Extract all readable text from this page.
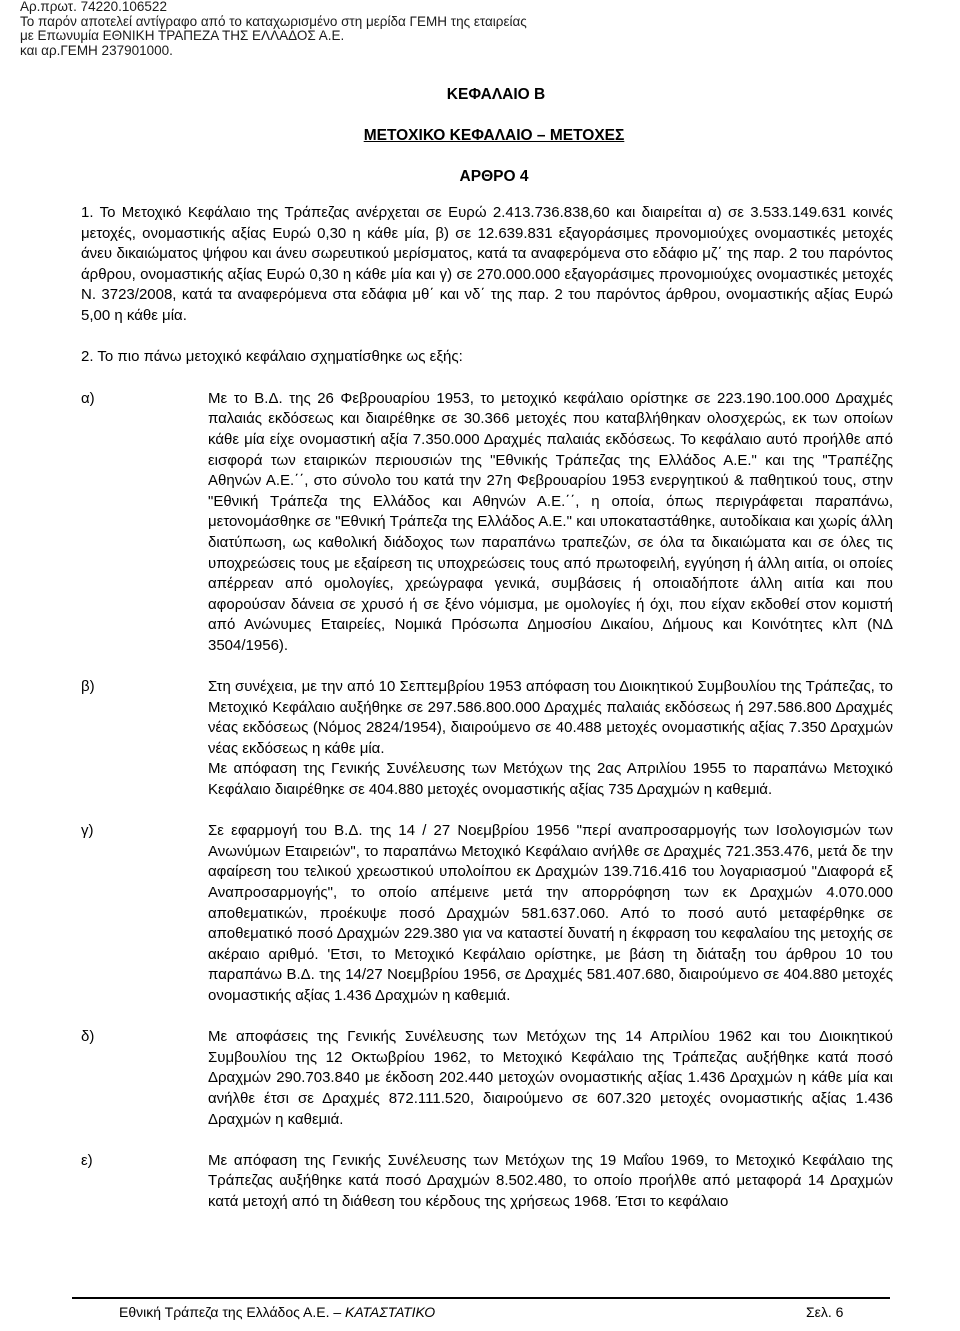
Αρ.πρωτ. 74220.106522
Το παρόν αποτελεί αντίγραφο από το καταχωρισμένο στη μερίδα ΓΕΜΗ της εταιρείας
με Επωνυμία ΕΘΝΙΚΗ ΤΡΑΠΕΖΑ ΤΗΣ ΕΛΛΑΔΟΣ Α.Ε.
και αρ.ΓΕΜΗ 237901000.
ΚΕΦΑΛΑΙΟ Β
ΜΕΤΟΧΙΚΟ ΚΕΦΑΛΑΙΟ – ΜΕΤΟΧΕΣ
ΑΡΘΡΟ 4

1. Το Μετοχικό Κεφάλαιο της Τράπεζας ανέρχεται σε Ευρώ 2.413.736.838,60 και διαιρείται α) σε 3.533.149.631 κοινές μετοχές, ονομαστικής αξίας Ευρώ 0,30 η κάθε μία, β) σε 12.639.831 εξαγοράσιμες προνομιούχες ονομαστικές μετοχές άνευ δικαιώματος ψήφου και άνευ σωρευτικού μερίσματος, κατά τα αναφερόμενα στο εδάφιο μζ΄ της παρ. 2 του παρόντος άρθρου, ονομαστικής αξίας Ευρώ 0,30 η κάθε μία και γ) σε 270.000.000 εξαγοράσιμες προνομιούχες ονομαστικές μετοχές Ν. 3723/2008, κατά τα αναφερόμενα στα εδάφια μθ΄ και νδ΄ της παρ. 2 του παρόντος άρθρου, ονομαστικής αξίας Ευρώ 5,00 η κάθε μία.

2. Το πιο πάνω μετοχικό κεφάλαιο σχηματίσθηκε ως εξής:

α)	Με το Β.Δ. της 26 Φεβρουαρίου 1953, το μετοχικό κεφάλαιο ορίστηκε σε 223.190.100.000 Δραχμές παλαιάς εκδόσεως και διαιρέθηκε σε 30.366 μετοχές που καταβλήθηκαν ολοσχερώς, εκ των οποίων κάθε μία είχε ονομαστική αξία 7.350.000 Δραχμές παλαιάς εκδόσεως. Το κεφάλαιο αυτό προήλθε από εισφορά των εταιρικών περιουσιών της "Εθνικής Τράπεζας της Ελλάδος Α.Ε." και της "Τραπέζης Αθηνών Α.Ε.΄΄, στο σύνολο του κατά την 27η Φεβρουαρίου 1953 ενεργητικού & παθητικού τους, στην "Εθνική Τράπεζα της Ελλάδος και Αθηνών Α.Ε.΄΄, η οποία, όπως περιγράφεται παραπάνω, μετονομάσθηκε σε "Εθνική Τράπεζα της Ελλάδος Α.Ε." και υποκαταστάθηκε, αυτοδίκαια και χωρίς άλλη διατύπωση, ως καθολική διάδοχος των παραπάνω τραπεζών, σε όλα τα δικαιώματα και σε όλες τις υποχρεώσεις τους με εξαίρεση τις υποχρεώσεις τους από πρωτοφειλή, εγγύηση ή άλλη αιτία, οι οποίες απέρρεαν από ομολογίες, χρεώγραφα γενικά, συμβάσεις ή οποιαδήποτε άλλη αιτία και που αφορούσαν δάνεια σε χρυσό ή σε ξένο νόμισμα, με ομολογίες ή όχι, που είχαν εκδοθεί στον κομιστή από Ανώνυμες Εταιρείες, Νομικά Πρόσωπα Δημοσίου Δικαίου, Δήμους και Κοινότητες κλπ (ΝΔ 3504/1956).

β)	Στη συνέχεια, με την από 10 Σεπτεμβρίου 1953 απόφαση του Διοικητικού Συμβουλίου της Τράπεζας, το Μετοχικό Κεφάλαιο αυξήθηκε σε 297.586.800.000 Δραχμές παλαιάς εκδόσεως ή 297.586.800 Δραχμές νέας εκδόσεως (Νόμος 2824/1954), διαιρούμενο σε 40.488 μετοχές ονομαστικής αξίας 7.350 Δραχμών νέας εκδόσεως η κάθε μία.

Με απόφαση της Γενικής Συνέλευσης των Μετόχων της 2ας Απριλίου 1955 το παραπάνω Μετοχικό Κεφάλαιο διαιρέθηκε σε 404.880 μετοχές ονομαστικής αξίας 735 Δραχμών η καθεμιά.

γ)	Σε εφαρμογή του Β.Δ. της 14 / 27 Νοεμβρίου 1956 "περί αναπροσαρμογής των Ισολογισμών των Ανωνύμων Εταιρειών", το παραπάνω Μετοχικό Κεφάλαιο ανήλθε σε Δραχμές 721.353.476, μετά δε την αφαίρεση του τελικού χρεωστικού υπολοίπου εκ Δραχμών 139.716.416 του λογαριασμού "Διαφορά εξ Αναπροσαρμογής", το οποίο απέμεινε μετά την απορρόφηση των εκ Δραχμών 4.070.000 αποθεματικών, προέκυψε ποσό Δραχμών 581.637.060. Από το ποσό αυτό μεταφέρθηκε σε αποθεματικό ποσό Δραχμών 229.380 για να καταστεί δυνατή η έκφραση του κεφαλαίου της μετοχής σε ακέραιο αριθμό. 'Ετσι, το Μετοχικό Κεφάλαιο ορίστηκε, με βάση τη διάταξη του άρθρου 10 του παραπάνω Β.Δ. της 14/27 Νοεμβρίου 1956, σε Δραχμές 581.407.680, διαιρούμενο σε 404.880 μετοχές ονομαστικής αξίας 1.436 Δραχμών η καθεμιά.

δ)	Με αποφάσεις της Γενικής Συνέλευσης των Μετόχων της 14 Απριλίου 1962 και του Διοικητικού Συμβουλίου της 12 Οκτωβρίου 1962, το Μετοχικό Κεφάλαιο της Τράπεζας αυξήθηκε κατά ποσό Δραχμών 290.703.840 με έκδοση 202.440 μετοχών ονομαστικής αξίας 1.436 Δραχμών η κάθε μία και ανήλθε έτσι σε Δραχμές 872.111.520, διαιρούμενο σε 607.320 μετοχές ονομαστικής αξίας 1.436 Δραχμών η καθεμιά.

ε)	Με απόφαση της Γενικής Συνέλευσης των Μετόχων της 19 Μαΐου 1969, το Μετοχικό Κεφάλαιο της Τράπεζας αυξήθηκε κατά ποσό Δραχμών 8.502.480, το οποίο προήλθε από μεταφορά 14 Δραχμών κατά μετοχή από τη διάθεση του κέρδους της χρήσεως 1968. Έτσι το κεφάλαιο

Εθνική Τράπεζα της Ελλάδος Α.Ε. – ΚΑΤΑΣΤΑΤΙΚΟ	Σελ. 6
